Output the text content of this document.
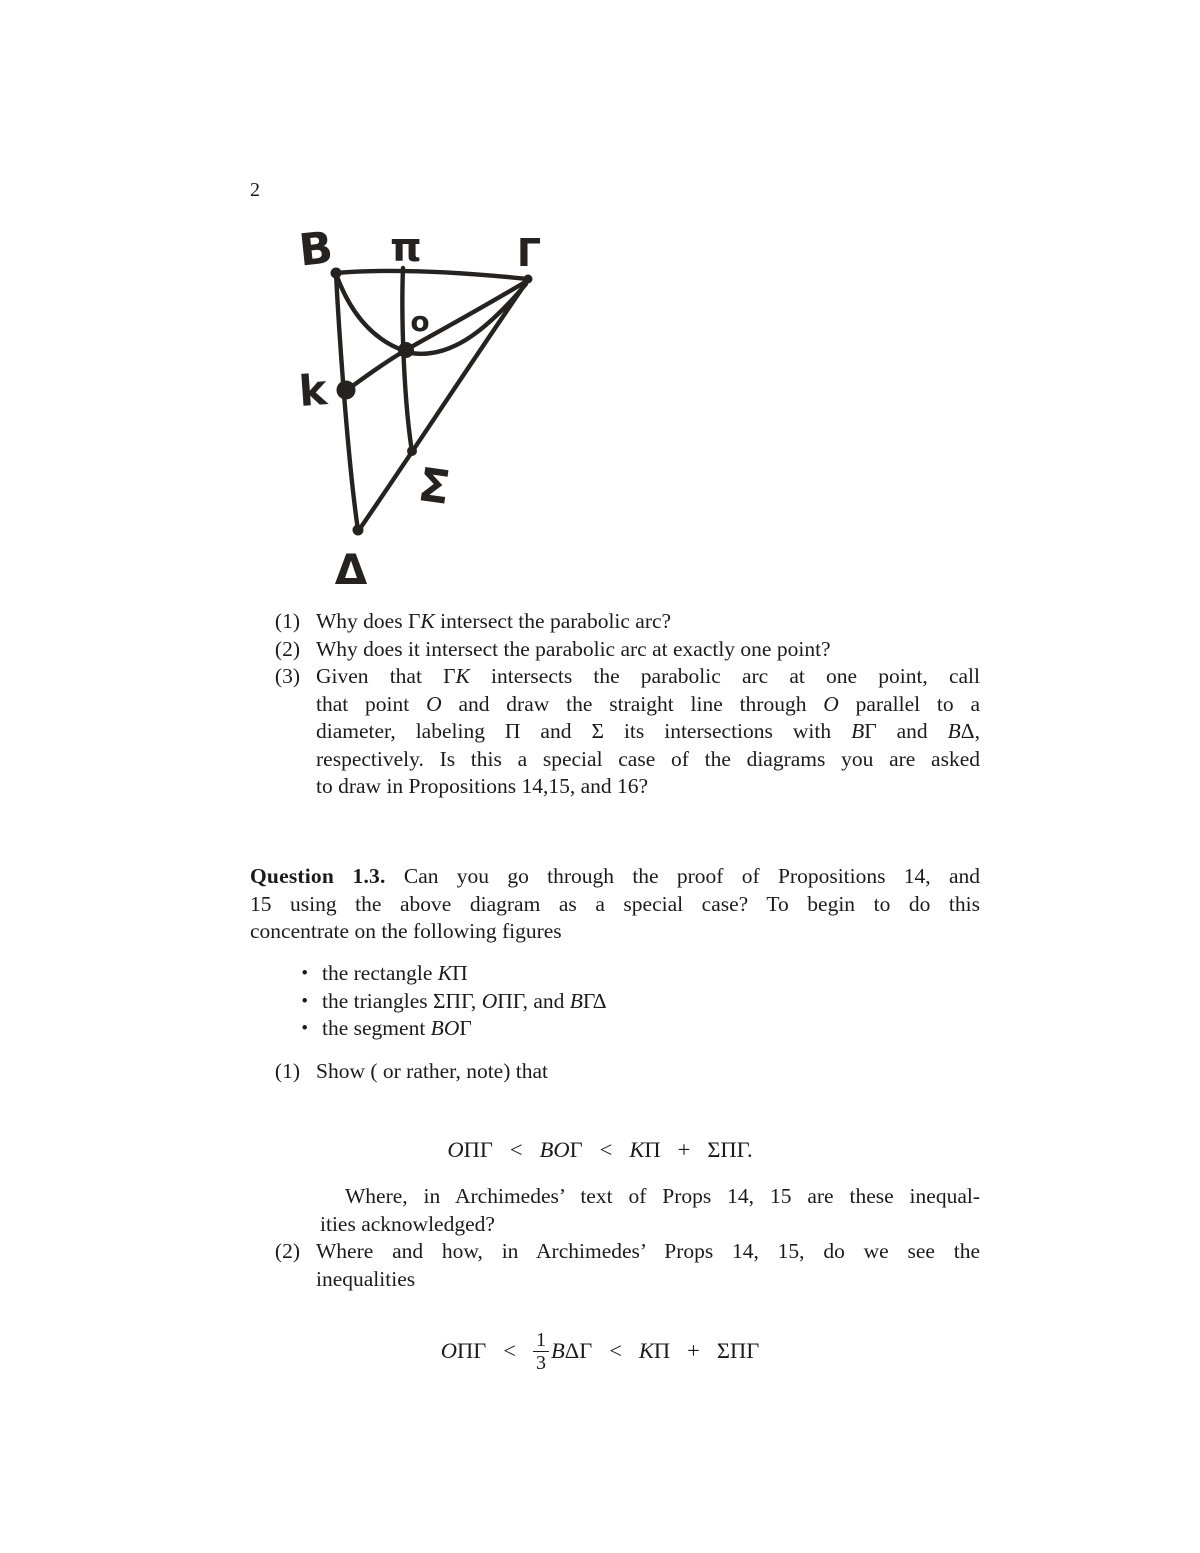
2
B π	Γ
o
k
Σ
Δ
(1) Why does ΓK intersect the parabolic arc?
(2) Why does it intersect the parabolic arc at exactly one point?
(3) Given that ΓK intersects the parabolic arc at one point, call
that point O and draw the straight line through O parallel to a
diameter, labeling Π and Σ its intersections with BΓ and BΔ,
respectively. Is this a special case of the diagrams you are asked
to draw in Propositions 14,15, and 16?
Question 1.3. Can you go through the proof of Propositions 14, and
15 using the above diagram as a special case? To begin to do this
concentrate on the following figures
• the rectangle KΠ
• the triangles ΣΠΓ, OΠΓ, and BΓΔ
• the segment BOΓ
(1) Show ( or rather, note) that
OΠΓ < BOΓ < KΠ + ΣΠΓ.
Where, in Archimedes’ text of Props 14, 15 are these inequal-
ities acknowledged?
(2) Where and how, in Archimedes’ Props 14, 15, do we see the
inequalities
O $\Pi\Gamma < \frac{1}{3}$ B ΔΓ < K Π + ΣΠΓ
